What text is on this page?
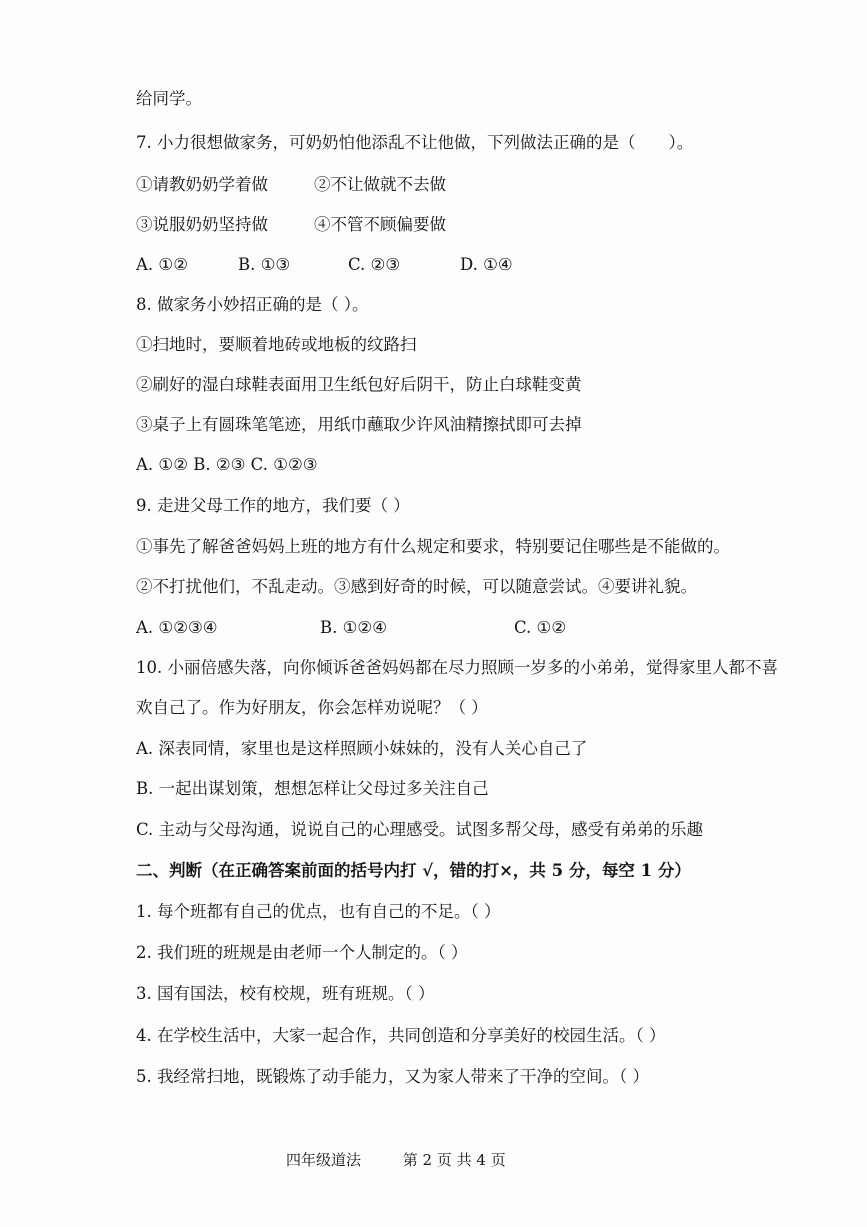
给同学。
7. 小力很想做家务，可奶奶怕他添乱不让他做，下列做法正确的是（　　）。
①请教奶奶学着做	②不让做就不去做
③说服奶奶坚持做	④不管不顾偏要做
A. ①②	B. ①③	C. ②③	D. ①④
8. 做家务小妙招正确的是（ ）。
①扫地时，要顺着地砖或地板的纹路扫
②刷好的湿白球鞋表面用卫生纸包好后阴干，防止白球鞋变黄
③桌子上有圆珠笔笔迹，用纸巾蘸取少许风油精擦拭即可去掉
A. ①② B. ②③ C. ①②③
9. 走进父母工作的地方，我们要（ ）
①事先了解爸爸妈妈上班的地方有什么规定和要求，特别要记住哪些是不能做的。
②不打扰他们，不乱走动。③感到好奇的时候，可以随意尝试。④要讲礼貌。
A. ①②③④	B. ①②④	C. ①②
10. 小丽倍感失落，向你倾诉爸爸妈妈都在尽力照顾一岁多的小弟弟，觉得家里人都不喜
欢自己了。作为好朋友，你会怎样劝说呢？（ ）
A. 深表同情，家里也是这样照顾小妹妹的，没有人关心自己了
B. 一起出谋划策，想想怎样让父母过多关注自己
C. 主动与父母沟通，说说自己的心理感受。试图多帮父母，感受有弟弟的乐趣
二、判断（在正确答案前面的括号内打 √，错的打×，共 5 分，每空 1 分）
1. 每个班都有自己的优点，也有自己的不足。（ ）
2. 我们班的班规是由老师一个人制定的。（ ）
3. 国有国法，校有校规，班有班规。（ ）
4. 在学校生活中，大家一起合作，共同创造和分享美好的校园生活。（ ）
5. 我经常扫地，既锻炼了动手能力，又为家人带来了干净的空间。（ ）
四年级道法	第 2 页 共 4 页
